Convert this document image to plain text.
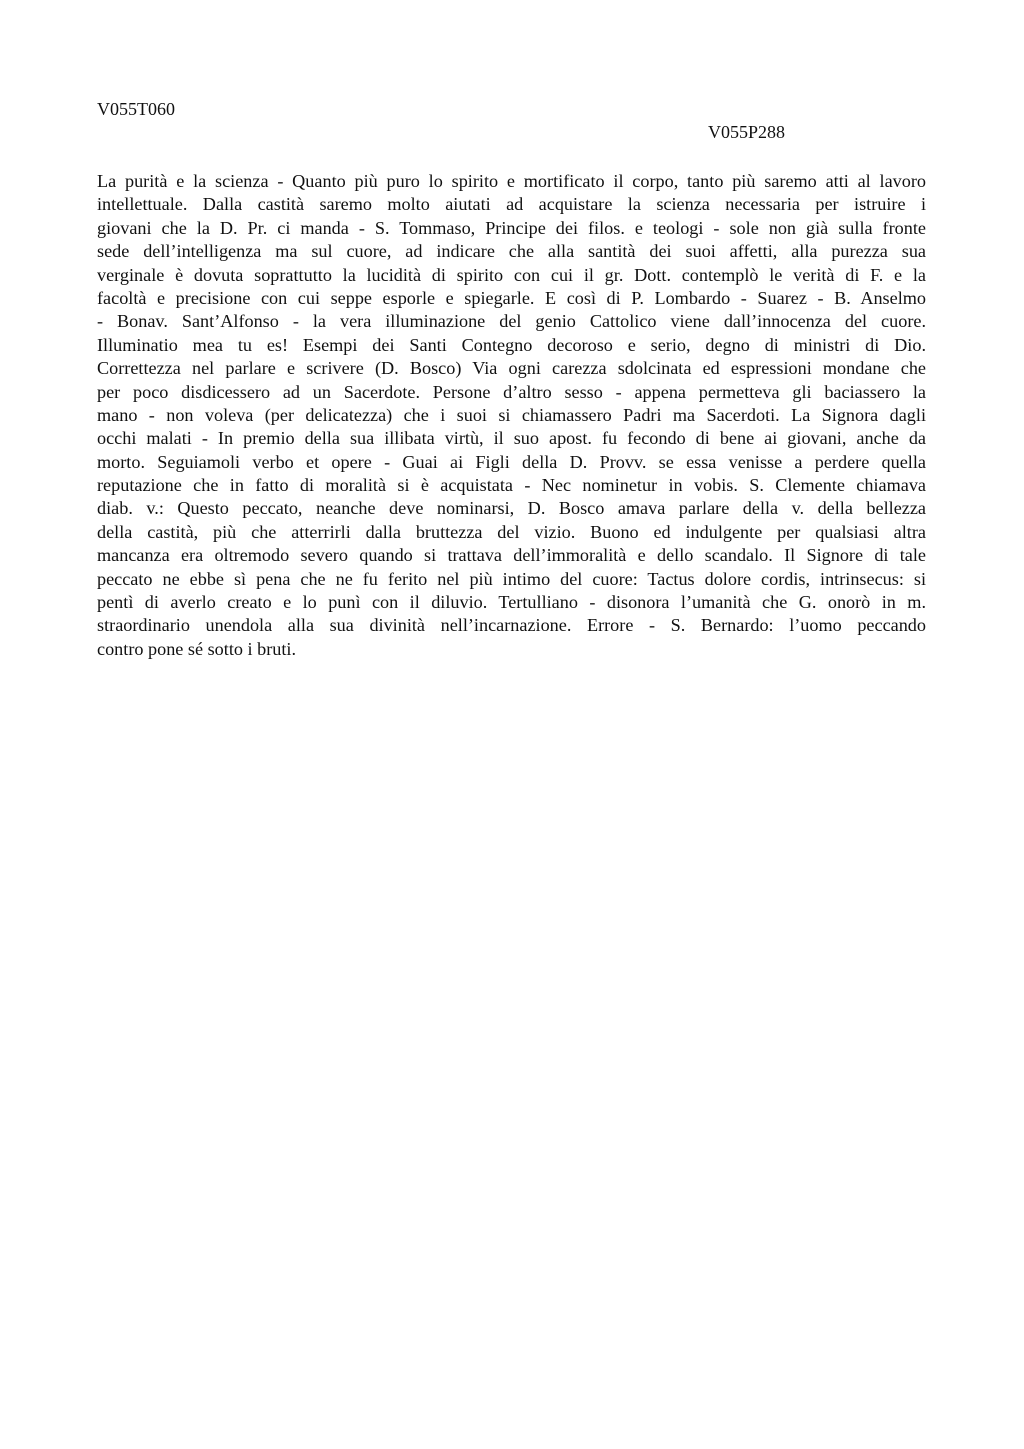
V055T060

V055P288

La purità e la scienza - Quanto più puro lo spirito e mortificato il corpo, tanto più saremo atti al lavoro
intellettuale. Dalla castità saremo molto aiutati ad acquistare la scienza necessaria per istruire i
giovani che la D. Pr. ci manda - S. Tommaso, Principe dei filos. e teologi - sole non già sulla fronte
sede dell’intelligenza ma sul cuore, ad indicare che alla santità dei suoi affetti, alla purezza sua
verginale è dovuta soprattutto la lucidità di spirito con cui il gr. Dott. contemplò le verità di F. e la
facoltà e precisione con cui seppe esporle e spiegarle. E così di P. Lombardo - Suarez - B. Anselmo
- Bonav. Sant’Alfonso - la vera illuminazione del genio Cattolico viene dall’innocenza del cuore.
Illuminatio mea tu es! Esempi dei Santi Contegno decoroso e serio, degno di ministri di Dio.
Correttezza nel parlare e scrivere (D. Bosco) Via ogni carezza sdolcinata ed espressioni mondane che
per poco disdicessero ad un Sacerdote. Persone d’altro sesso - appena permetteva gli baciassero la
mano - non voleva (per delicatezza) che i suoi si chiamassero Padri ma Sacerdoti. La Signora dagli
occhi malati - In premio della sua illibata virtù, il suo apost. fu fecondo di bene ai giovani, anche da
morto. Seguiamoli verbo et opere - Guai ai Figli della D. Provv. se essa venisse a perdere quella
reputazione che in fatto di moralità si è acquistata - Nec nominetur in vobis. S. Clemente chiamava
diab. v.: Questo peccato, neanche deve nominarsi, D. Bosco amava parlare della v. della bellezza
della castità, più che atterrirli dalla bruttezza del vizio. Buono ed indulgente per qualsiasi altra
mancanza era oltremodo severo quando si trattava dell’immoralità e dello scandalo. Il Signore di tale
peccato ne ebbe sì pena che ne fu ferito nel più intimo del cuore: Tactus dolore cordis, intrinsecus: si
pentì di averlo creato e lo punì con il diluvio. Tertulliano - disonora l’umanità che G. onorò in m.
straordinario unendola alla sua divinità nell’incarnazione. Errore - S. Bernardo: l’uomo peccando
contro pone sé sotto i bruti.
